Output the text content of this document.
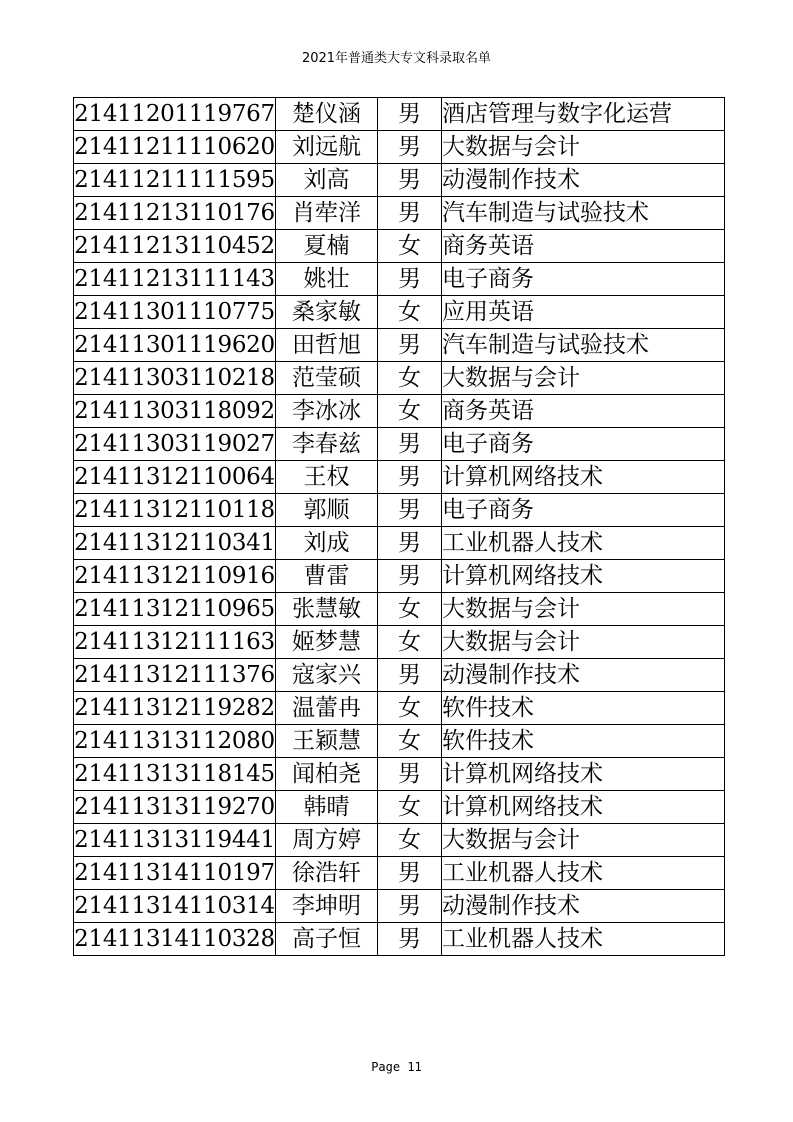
2021年普通类大专文科录取名单
21411201119767	楚仪涵	男	酒店管理与数字化运营
21411211110620	刘远航	男	大数据与会计
21411211111595	刘高	男	动漫制作技术
21411213110176	肖荦洋	男	汽车制造与试验技术
21411213110452	夏楠	女	商务英语
21411213111143	姚壮	男	电子商务
21411301110775	桑家敏	女	应用英语
21411301119620	田哲旭	男	汽车制造与试验技术
21411303110218	范莹硕	女	大数据与会计
21411303118092	李冰冰	女	商务英语
21411303119027	李春兹	男	电子商务
21411312110064	王权	男	计算机网络技术
21411312110118	郭顺	男	电子商务
21411312110341	刘成	男	工业机器人技术
21411312110916	曹雷	男	计算机网络技术
21411312110965	张慧敏	女	大数据与会计
21411312111163	姬梦慧	女	大数据与会计
21411312111376	寇家兴	男	动漫制作技术
21411312119282	温蕾冉	女	软件技术
21411313112080	王颖慧	女	软件技术
21411313118145	闻柏尧	男	计算机网络技术
21411313119270	韩晴	女	计算机网络技术
21411313119441	周方婷	女	大数据与会计
21411314110197	徐浩轩	男	工业机器人技术
21411314110314	李坤明	男	动漫制作技术
21411314110328	高子恒	男	工业机器人技术
Page 11
